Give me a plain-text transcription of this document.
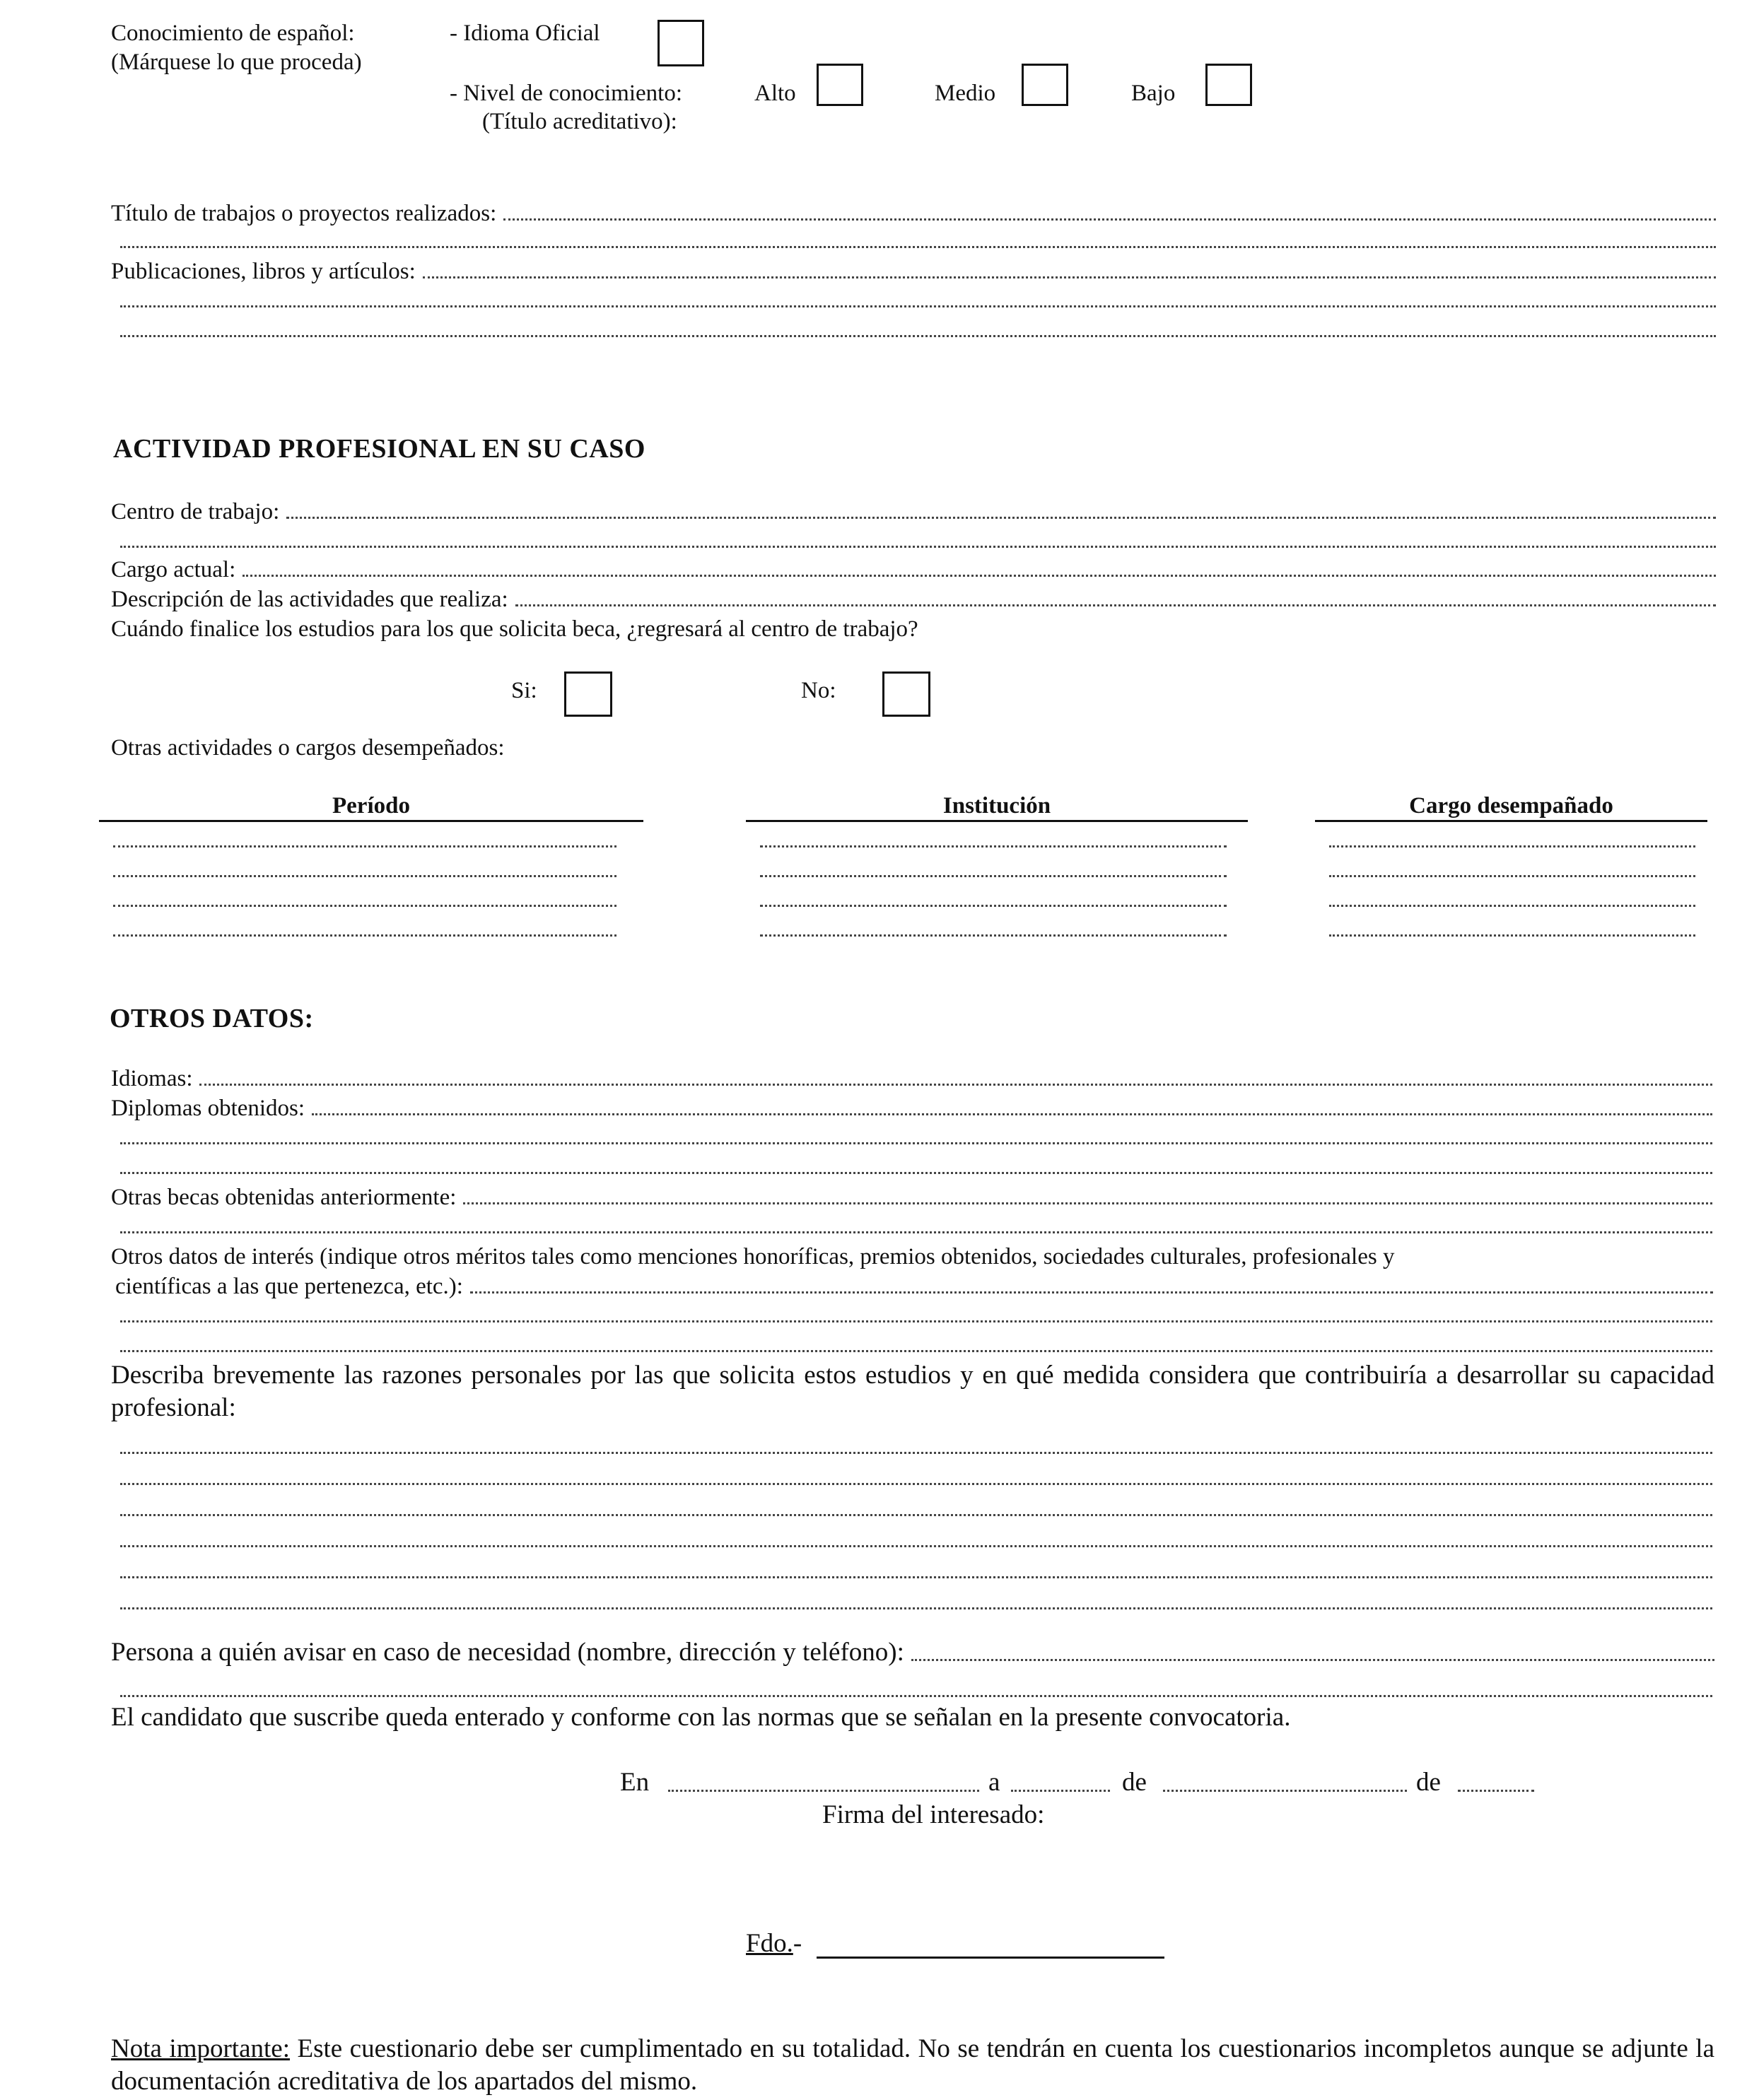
Conocimiento de español:
(Márquese lo que proceda)
- Idioma Oficial
- Nivel de conocimiento:
(Título acreditativo):
Alto	Medio	Bajo
Título de trabajos o proyectos realizados:
Publicaciones, libros y artículos:
ACTIVIDAD PROFESIONAL EN SU CASO
Centro de trabajo:
Cargo actual:
Descripción de las actividades que realiza:
Cuándo finalice los estudios para los que solicita beca, ¿regresará al centro de trabajo?
Si:	No:
Otras actividades o cargos desempeñados:
Período	Institución	Cargo desempañado
OTROS DATOS:
Idiomas:
Diplomas obtenidos:
Otras becas obtenidas anteriormente:
Otros datos de interés (indique otros méritos tales como menciones honoríficas, premios obtenidos, sociedades culturales, profesionales y
científicas a las que pertenezca, etc.):
Describa brevemente las razones personales por las que solicita estos estudios y en qué medida considera que contribuiría a desarrollar su capacidad profesional:
Persona a quién avisar en caso de necesidad (nombre, dirección y teléfono):
El candidato que suscribe queda enterado y conforme con las normas que se señalan en la presente convocatoria.
En	a	de	de
Firma del interesado:
Fdo.-
Nota importante: Este cuestionario debe ser cumplimentado en su totalidad. No se tendrán en cuenta los cuestionarios incompletos aunque se adjunte la documentación acreditativa de los apartados del mismo.
